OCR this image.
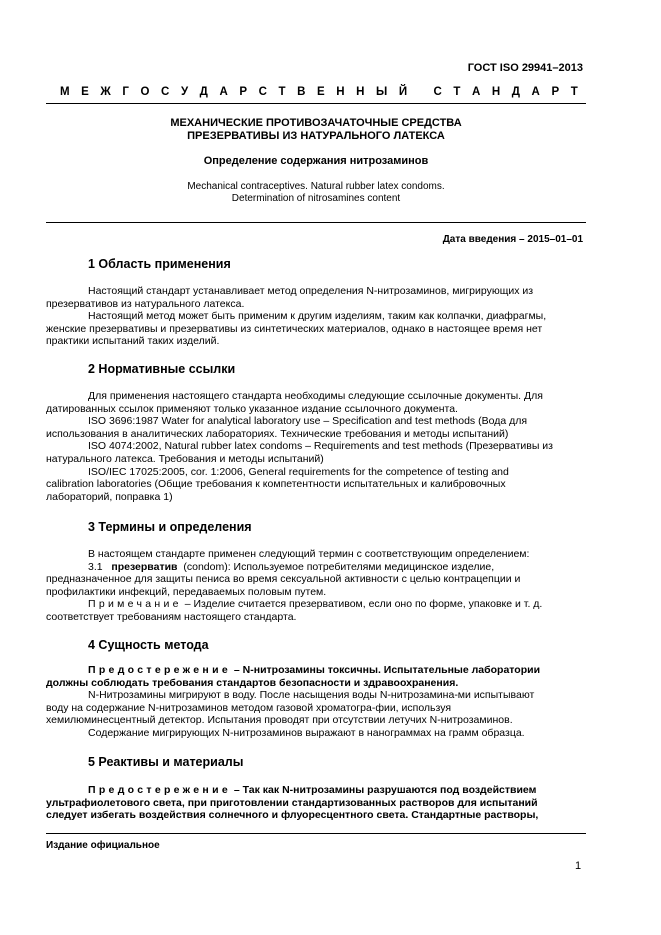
ГОСТ ISO 29941–2013
М Е Ж Г О С У Д А Р С Т В Е Н Н Ы Й
С Т А Н Д А Р Т
МЕХАНИЧЕСКИЕ ПРОТИВОЗАЧАТОЧНЫЕ СРЕДСТВА
ПРЕЗЕРВАТИВЫ ИЗ НАТУРАЛЬНОГО ЛАТЕКСА
Определение содержания нитрозаминов
Mechanical contraceptives. Natural rubber latex condoms.
Determination of nitrosamines content
Дата введения – 2015–01–01
1 Область применения
Настоящий стандарт устанавливает метод определения N-нитрозаминов, мигрирующих из
презервативов из натурального латекса.
Настоящий метод может быть применим к другим изделиям, таким как колпачки, диафрагмы,
женские презервативы и презервативы из синтетических материалов, однако в настоящее время нет
практики испытаний таких изделий.
2 Нормативные ссылки
Для применения настоящего стандарта необходимы следующие ссылочные документы. Для
датированных ссылок применяют только указанное издание ссылочного документа.
ISO 3696:1987 Water for analytical laboratory use – Specification and test methods (Вода для
использования в аналитических лабораториях. Технические требования и методы испытаний)
ISO 4074:2002, Natural rubber latex condoms – Requirements and test methods (Презервативы из
натурального латекса. Требования и методы испытаний)
ISO/IEC 17025:2005, cor. 1:2006, General requirements for the competence of testing and
calibration laboratories (Общие требования к компетентности испытательных и калибровочных
лабораторий, поправка 1)
3 Термины и определения
В настоящем стандарте применен следующий термин с соответствующим определением:
3.1 презерватив (condom): Используемое потребителями медицинское изделие,
предназначенное для защиты пениса во время сексуальной активности с целью контрацепции и
профилактики инфекций, передаваемых половым путем.
Примечание – Изделие считается презервативом, если оно по форме, упаковке и т. д.
соответствует требованиям настоящего стандарта.
4 Сущность метода
Предостережение – N-нитрозамины токсичны. Испытательные лаборатории
должны соблюдать требования стандартов безопасности и здравоохранения.
N-Нитрозамины мигрируют в воду. После насыщения воды N-нитрозамина-ми испытывают
воду на содержание N-нитрозаминов методом газовой хроматогра-фии, используя
хемилюминесцентный детектор. Испытания проводят при отсутствии летучих N-нитрозаминов.
Содержание мигрирующих N-нитрозаминов выражают в нанограммах на грамм образца.
5 Реактивы и материалы
Предостережение – Так как N-нитрозамины разрушаются под воздействием
ультрафиолетового света, при приготовлении стандартизованных растворов для испытаний
следует избегать воздействия солнечного и флуоресцентного света. Стандартные растворы,
Издание официальное
1
